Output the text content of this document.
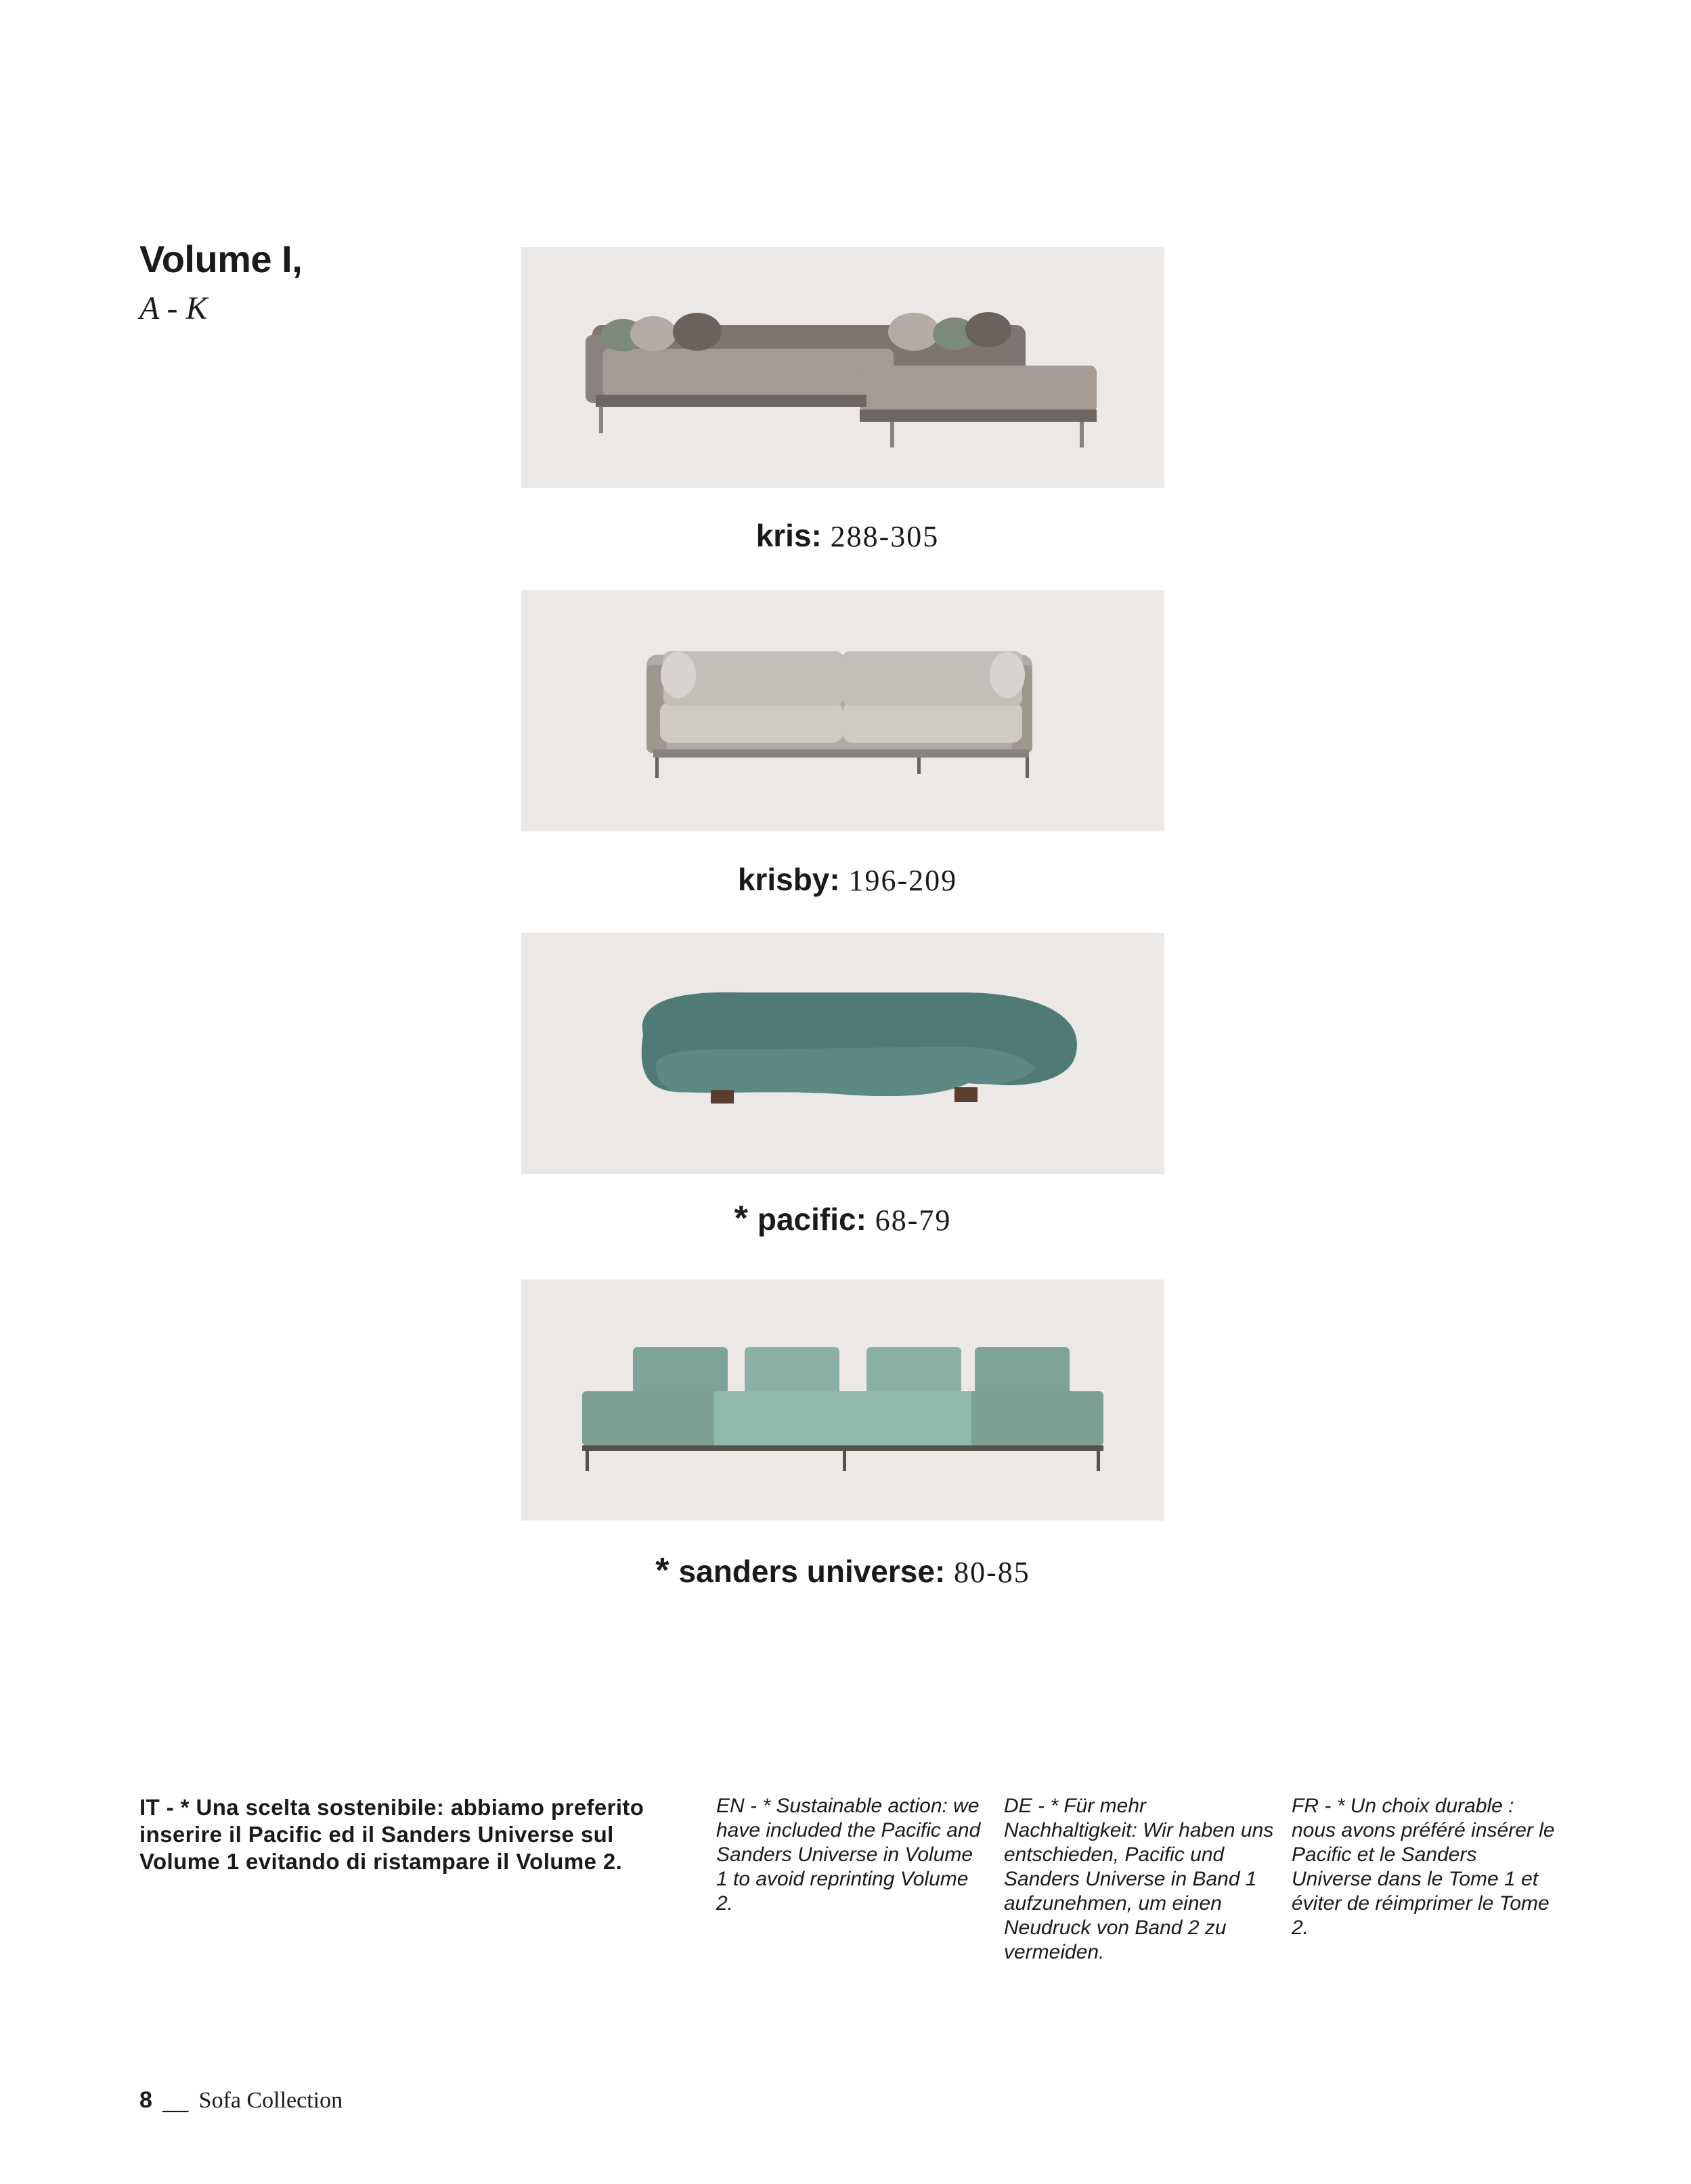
Volume I,
A - K
kris: 288-305
krisby: 196-209
* pacific: 68-79
* sanders universe: 80-85
IT - * Una scelta sostenibile: abbiamo preferito inserire il Pacific ed il Sanders Universe sul Volume 1 evitando di ristampare il Volume 2.
EN - * Sustainable action: we have included the Pacific and Sanders Universe in Volume 1 to avoid reprinting Volume 2.
DE - * Für mehr Nachhaltigkeit: Wir haben uns entschieden, Pacific und Sanders Universe in Band 1 aufzunehmen, um einen Neudruck von Band 2 zu vermeiden.
FR - * Un choix durable : nous avons préféré insérer le Pacific et le Sanders Universe dans le Tome 1 et éviter de réimprimer le Tome 2.
8 __ Sofa Collection
